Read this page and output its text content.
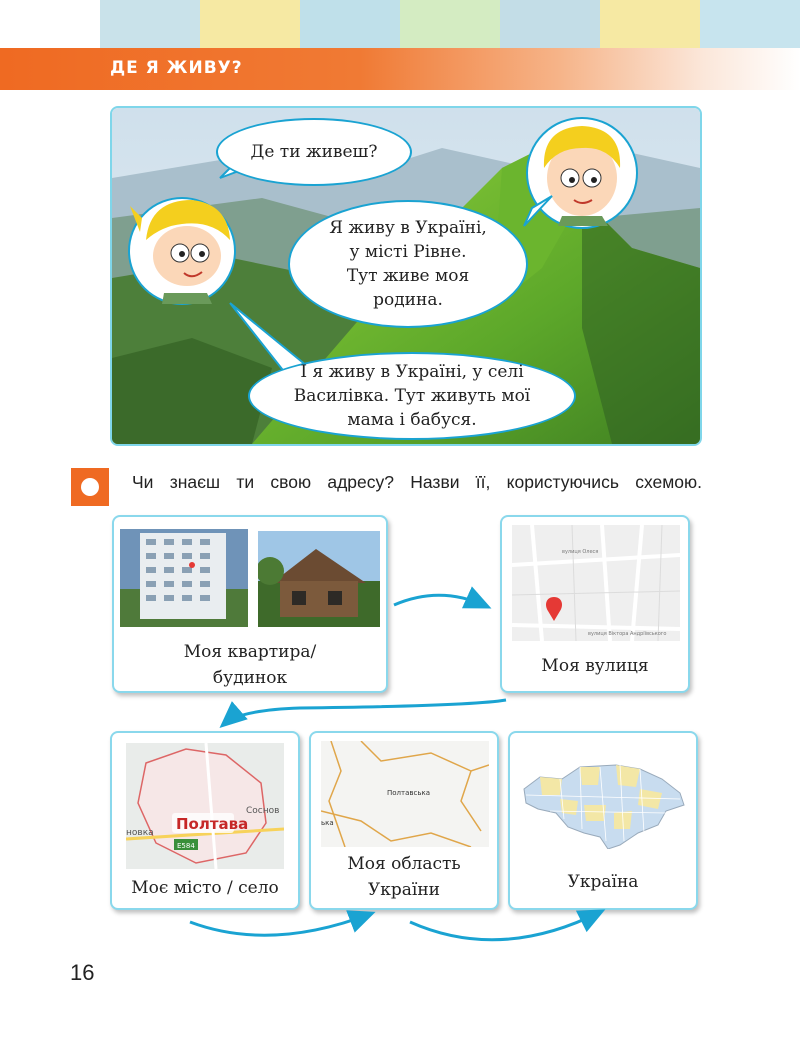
ДЕ Я ЖИВУ?
Де ти живеш?
Я живу в Україні,
у місті Рівне.
Тут живе моя
родина.
І я живу в Україні, у селі
Василівка. Тут живуть мої
мама і бабуся.
Чи знаєш ти свою адресу? Назви її, користуючись схемою.
Моя квартира/
будинок
вулиця Олеся
вулиця Віктора Андріївського
Моя вулиця
Полтава
Соснов
новка
E584
Моє місто / село
Полтавська
ька
Моя область
України	Україна
16
